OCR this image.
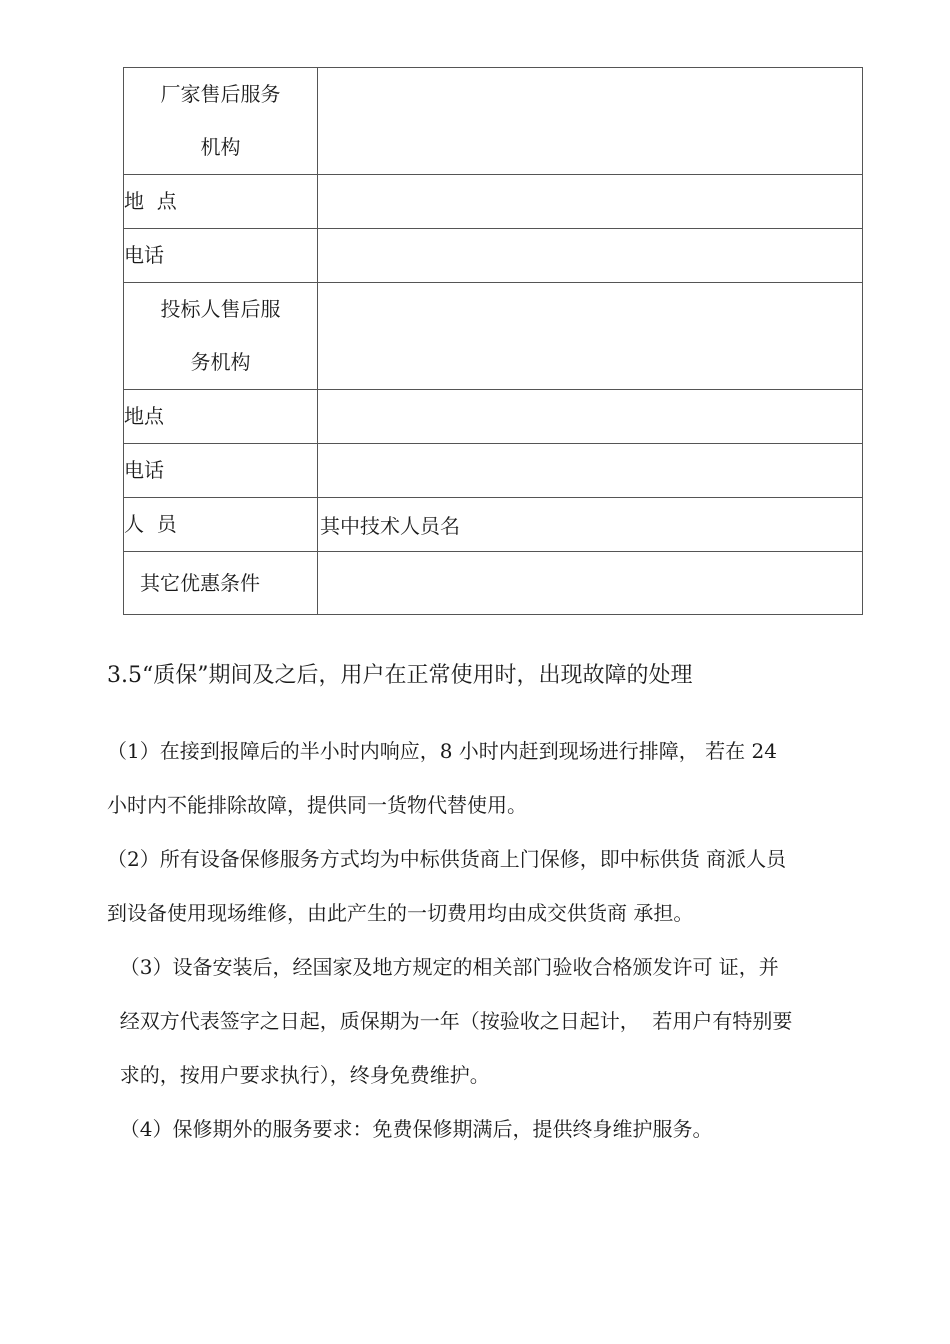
厂家售后服务
机构	

地  点	

电话	

投标人售后服
务机构	

地点	

电话	

人  员	其中技术人员名

其它优惠条件	

3.5“质保”期间及之后，用户在正常使用时，出现故障的处理
（1）在接到报障后的半小时内响应，8 小时内赶到现场进行排障， 若在 24
小时内不能排除故障，提供同一货物代替使用。
（2）所有设备保修服务方式均为中标供货商上门保修，即中标供货 商派人员
到设备使用现场维修，由此产生的一切费用均由成交供货商 承担。
（3）设备安装后，经国家及地方规定的相关部门验收合格颁发许可 证，并
经双方代表签字之日起，质保期为一年（按验收之日起计，  若用户有特别要
求的，按用户要求执行），终身免费维护。
（4）保修期外的服务要求：免费保修期满后，提供终身维护服务。
